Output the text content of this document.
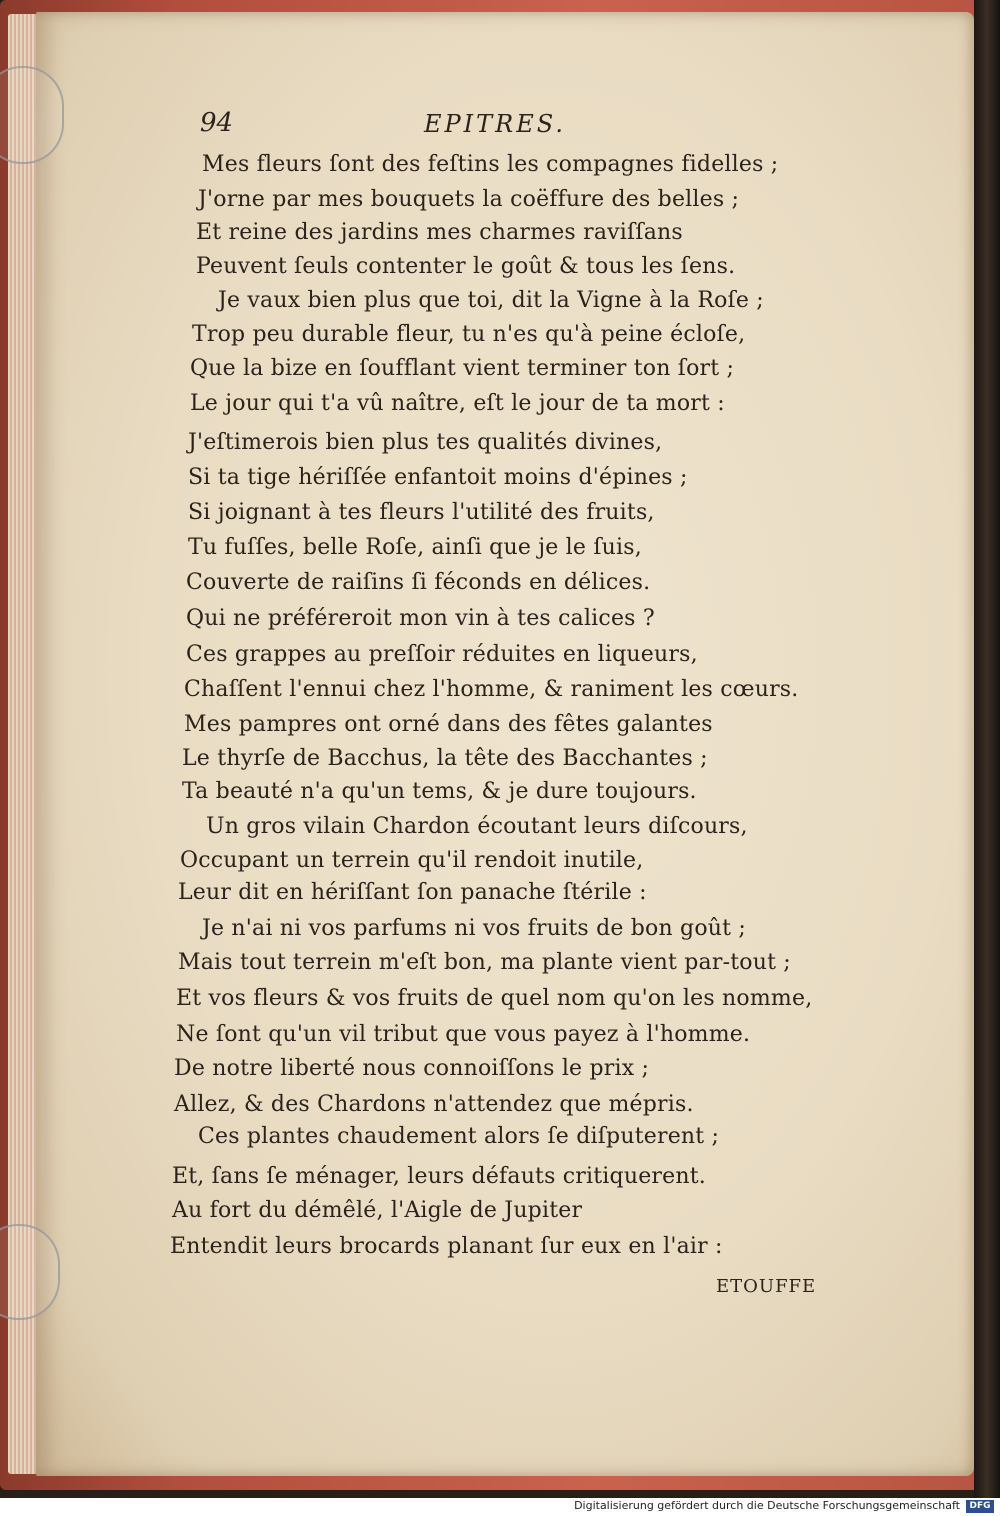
94	EPITRES.
Mes fleurs ſont des feſtins les compagnes fidelles ;
J'orne par mes bouquets la coëffure des belles ;
Et reine des jardins mes charmes raviſſans
Peuvent ſeuls contenter le goût & tous les ſens.
Je vaux bien plus que toi, dit la Vigne à la Roſe ;
Trop peu durable fleur, tu n'es qu'à peine écloſe,
Que la bize en ſoufflant vient terminer ton ſort ;
Le jour qui t'a vû naître, eſt le jour de ta mort :
J'eſtimerois bien plus tes qualités divines,
Si ta tige hériſſée enfantoit moins d'épines ;
Si joignant à tes fleurs l'utilité des fruits,
Tu fuſſes, belle Roſe, ainſi que je le ſuis,
Couverte de raiſins ſi féconds en délices.
Qui ne préféreroit mon vin à tes calices ?
Ces grappes au preſſoir réduites en liqueurs,
Chaſſent l'ennui chez l'homme, & raniment les cœurs.
Mes pampres ont orné dans des fêtes galantes
Le thyrſe de Bacchus, la tête des Bacchantes ;
Ta beauté n'a qu'un tems, & je dure toujours.
Un gros vilain Chardon écoutant leurs diſcours,
Occupant un terrein qu'il rendoit inutile,
Leur dit en hériſſant ſon panache ſtérile :
Je n'ai ni vos parfums ni vos fruits de bon goût ;
Mais tout terrein m'eſt bon, ma plante vient par-tout ;
Et vos fleurs & vos fruits de quel nom qu'on les nomme,
Ne ſont qu'un vil tribut que vous payez à l'homme.
De notre liberté nous connoiſſons le prix ;
Allez, & des Chardons n'attendez que mépris.
Ces plantes chaudement alors ſe diſputerent ;
Et, ſans ſe ménager, leurs défauts critiquerent.
Au fort du démêlé, l'Aigle de Jupiter
Entendit leurs brocards planant ſur eux en l'air :
ETOUFFE
Digitalisierung gefördert durch die Deutsche Forschungsgemeinschaft	DFG
